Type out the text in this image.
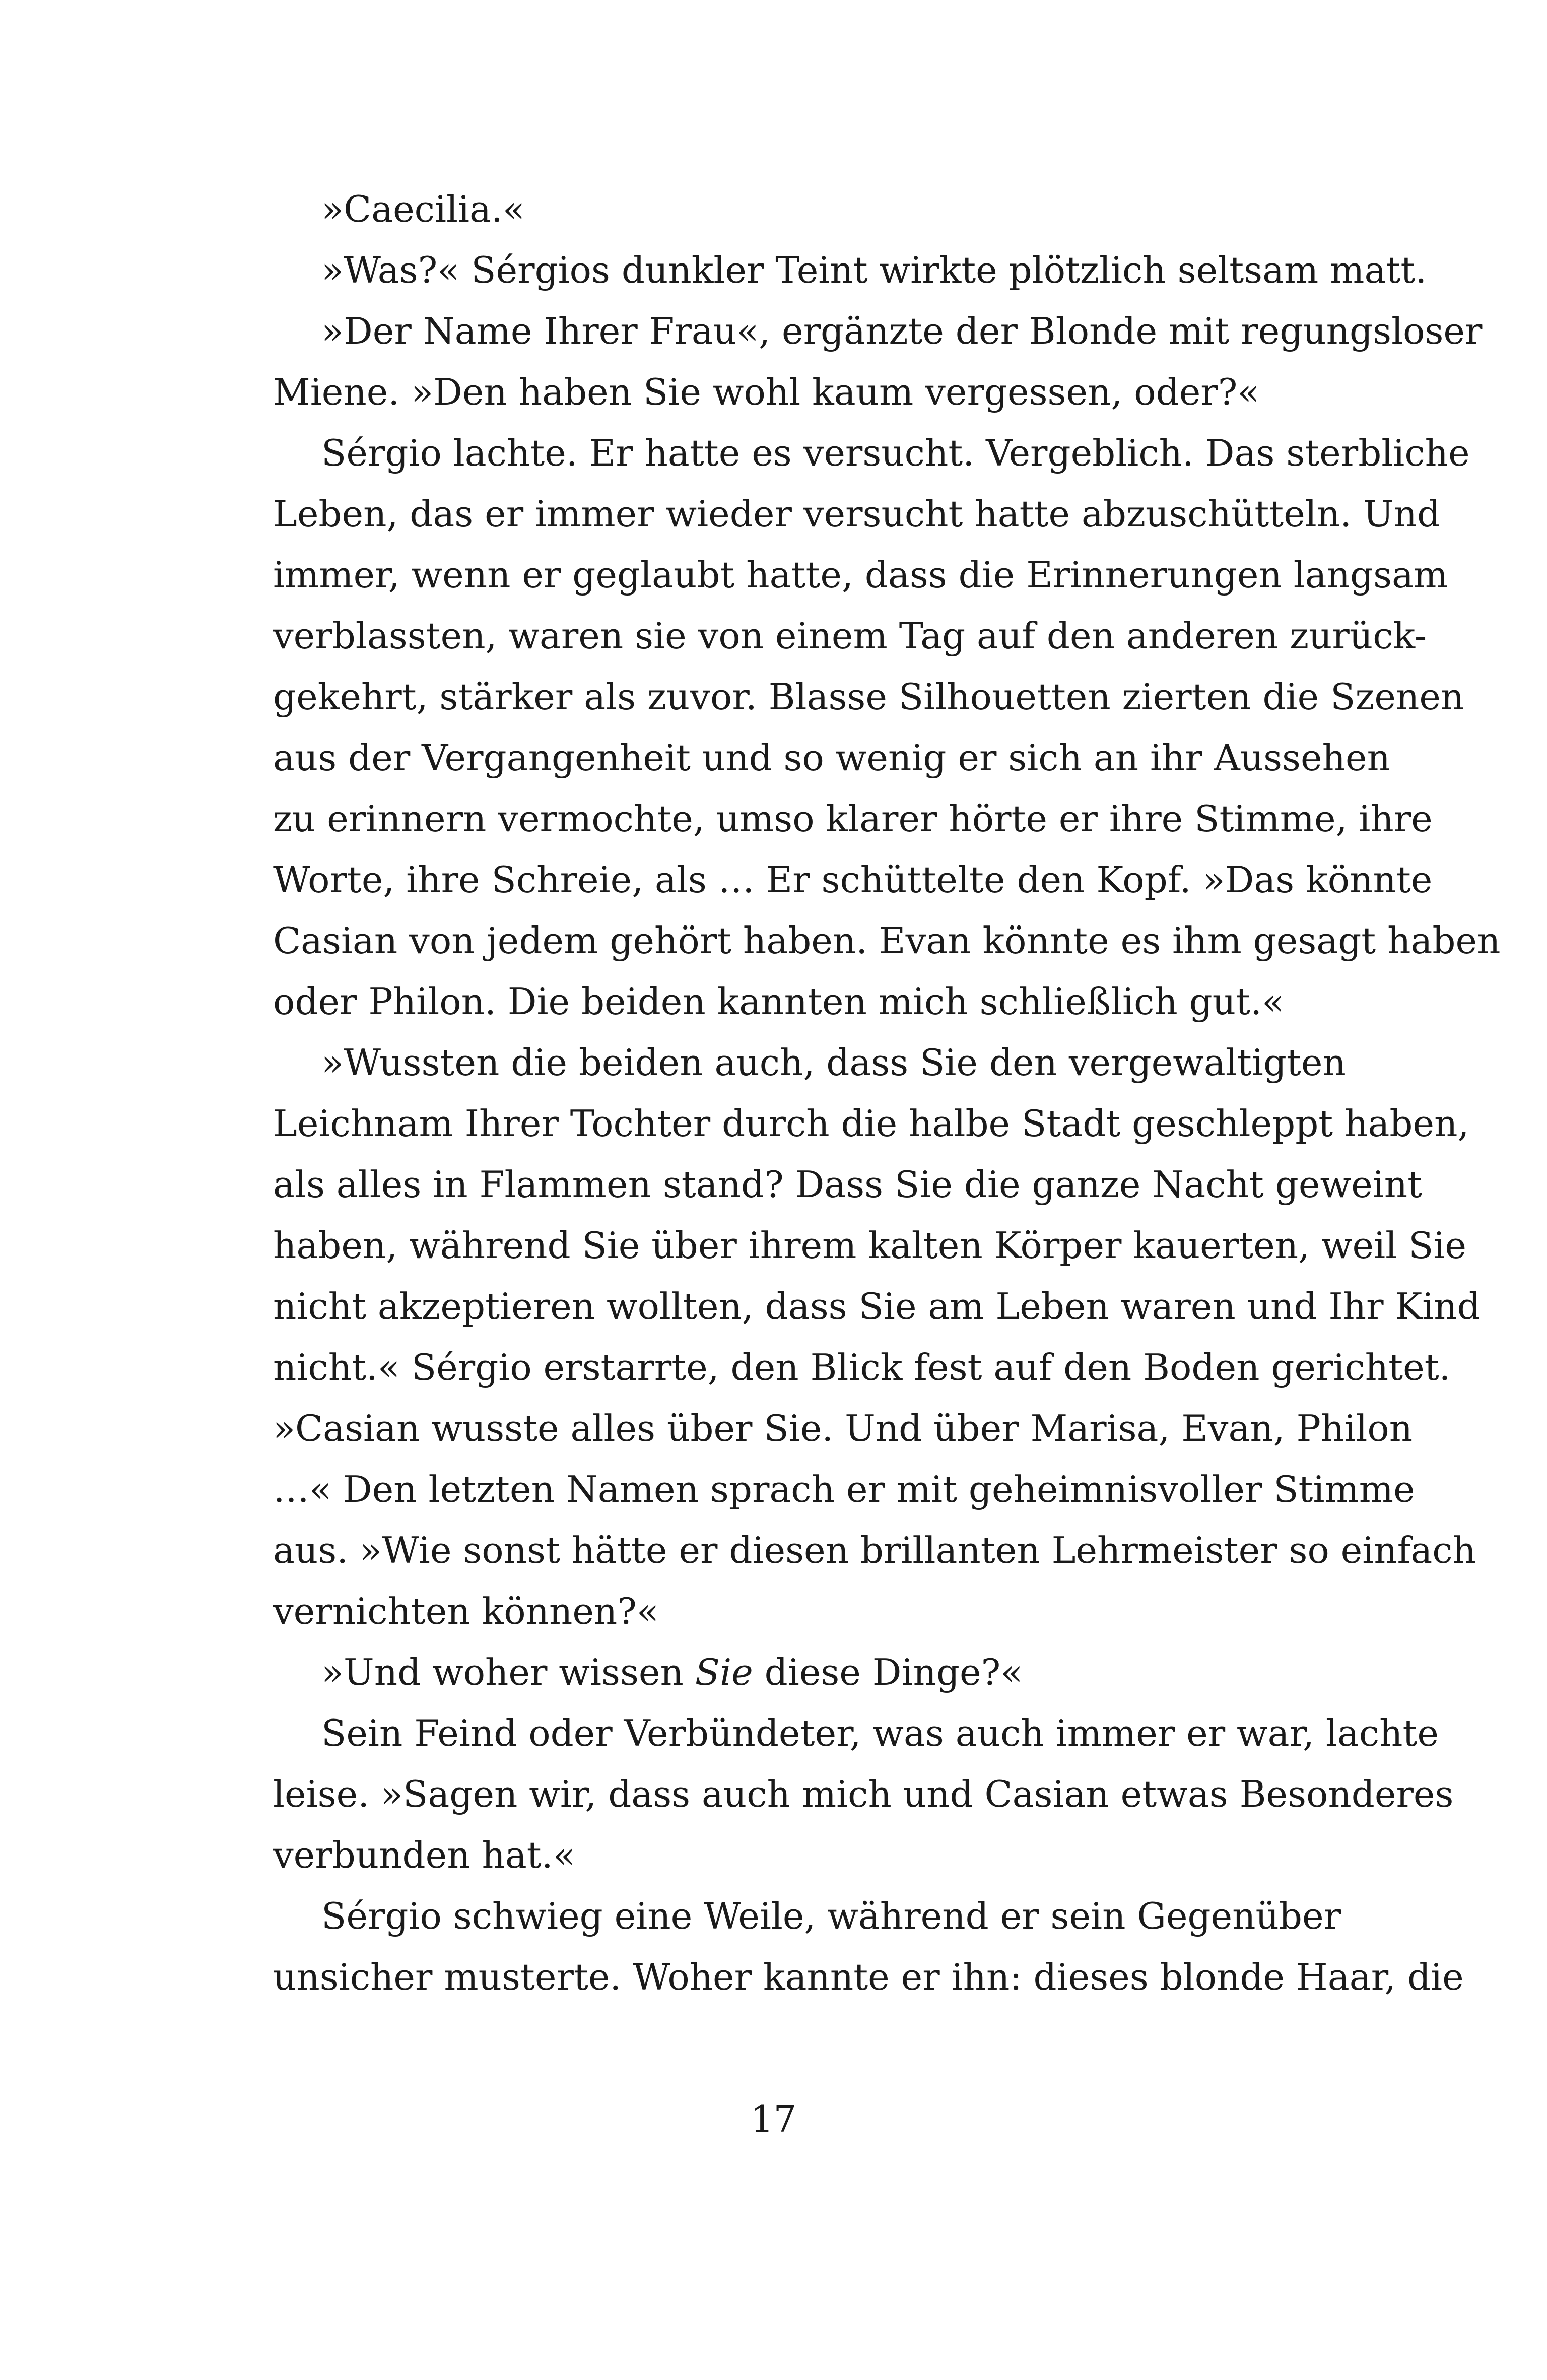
»Caecilia.«
»Was?« Sérgios dunkler Teint wirkte plötzlich seltsam matt.
»Der Name Ihrer Frau«, ergänzte der Blonde mit regungsloser
Miene. »Den haben Sie wohl kaum vergessen, oder?«
Sérgio lachte. Er hatte es versucht. Vergeblich. Das sterbliche
Leben, das er immer wieder versucht hatte abzuschütteln. Und
immer, wenn er geglaubt hatte, dass die Erinnerungen langsam
verblassten, waren sie von einem Tag auf den anderen zurück-
gekehrt, stärker als zuvor. Blasse Silhouetten zierten die Szenen
aus der Vergangenheit und so wenig er sich an ihr Aussehen
zu erinnern vermochte, umso klarer hörte er ihre Stimme, ihre
Worte, ihre Schreie, als … Er schüttelte den Kopf. »Das könnte
Casian von jedem gehört haben. Evan könnte es ihm gesagt haben
oder Philon. Die beiden kannten mich schließlich gut.«
»Wussten die beiden auch, dass Sie den vergewaltigten
Leichnam Ihrer Tochter durch die halbe Stadt geschleppt haben,
als alles in Flammen stand? Dass Sie die ganze Nacht geweint
haben, während Sie über ihrem kalten Körper kauerten, weil Sie
nicht akzeptieren wollten, dass Sie am Leben waren und Ihr Kind
nicht.« Sérgio erstarrte, den Blick fest auf den Boden gerichtet.
»Casian wusste alles über Sie. Und über Marisa, Evan, Philon
…« Den letzten Namen sprach er mit geheimnisvoller Stimme
aus. »Wie sonst hätte er diesen brillanten Lehrmeister so einfach
vernichten können?«
»Und woher wissen Sie diese Dinge?«
Sein Feind oder Verbündeter, was auch immer er war, lachte
leise. »Sagen wir, dass auch mich und Casian etwas Besonderes
verbunden hat.«
Sérgio schwieg eine Weile, während er sein Gegenüber
unsicher musterte. Woher kannte er ihn: dieses blonde Haar, die
17
